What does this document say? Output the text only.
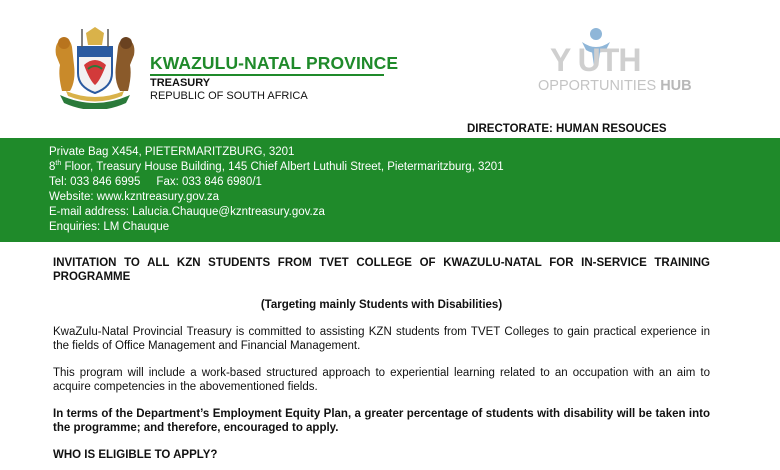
KWAZULU-NATAL PROVINCE
TREASURY
REPUBLIC OF SOUTH AFRICA
Y UTH
OPPORTUNITIES HUB
DIRECTORATE: HUMAN RESOUCES
Private Bag X454, PIETERMARITZBURG, 3201
8th Floor, Treasury House Building, 145 Chief Albert Luthuli Street, Pietermaritzburg, 3201
Tel: 033 846 6995     Fax: 033 846 6980/1
Website: www.kzntreasury.gov.za
E-mail address: Lalucia.Chauque@kzntreasury.gov.za
Enquiries: LM Chauque

INVITATION TO ALL KZN STUDENTS FROM TVET COLLEGE OF KWAZULU-NATAL FOR IN-SERVICE TRAINING PROGRAMME

(Targeting mainly Students with Disabilities)

KwaZulu-Natal Provincial Treasury is committed to assisting KZN students from TVET Colleges to gain practical experience in the fields of Office Management and Financial Management.

This program will include a work-based structured approach to experiential learning related to an occupation with an aim to acquire competencies in the abovementioned fields.

In terms of the Department’s Employment Equity Plan, a greater percentage of students with disability will be taken into the programme; and therefore, encouraged to apply.

WHO IS ELIGIBLE TO APPLY?
